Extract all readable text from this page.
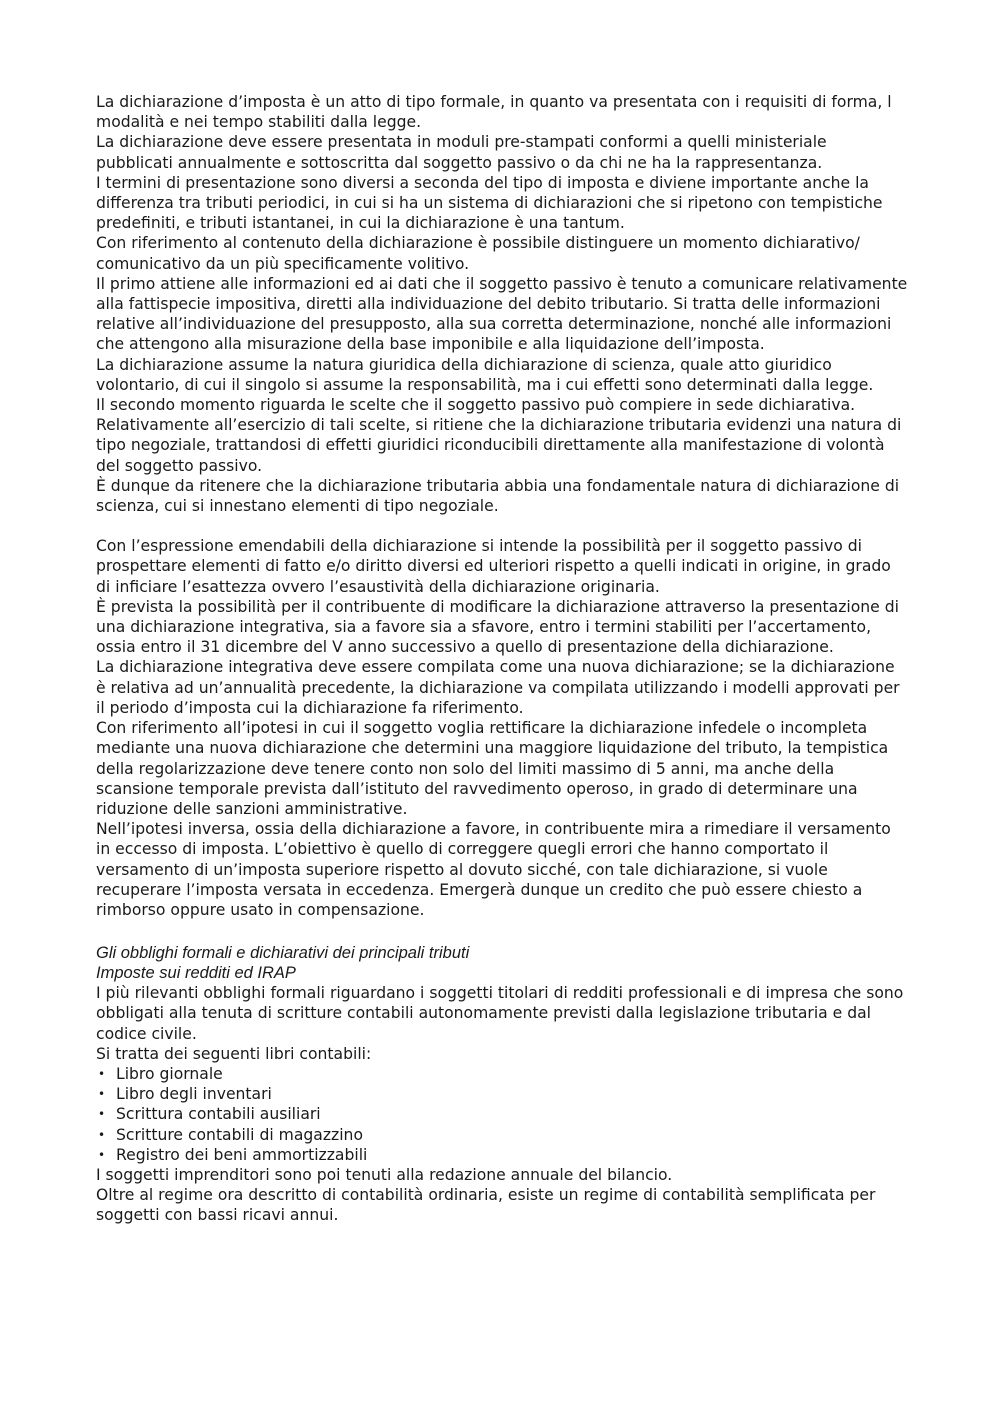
La dichiarazione d’imposta è un atto di tipo formale, in quanto va presentata con i requisiti di forma, l modalità e nei tempo stabiliti dalla legge.

La dichiarazione deve essere presentata in moduli pre-stampati conformi a quelli ministeriale pubblicati annualmente e sottoscritta dal soggetto passivo o da chi ne ha la rappresentanza.

I termini di presentazione sono diversi a seconda del tipo di imposta e diviene importante anche la differenza tra tributi periodici, in cui si ha un sistema di dichiarazioni che si ripetono con tempistiche predefiniti, e tributi istantanei, in cui la dichiarazione è una tantum.

Con riferimento al contenuto della dichiarazione è possibile distinguere un momento dichiarativo/ comunicativo da un più specificamente volitivo.

Il primo attiene alle informazioni ed ai dati che il soggetto passivo è tenuto a comunicare relativamente alla fattispecie impositiva, diretti alla individuazione del debito tributario. Si tratta delle informazioni relative all’individuazione del presupposto, alla sua corretta determinazione, nonché alle informazioni che attengono alla misurazione della base imponibile e alla liquidazione dell’imposta.

La dichiarazione assume la natura giuridica della dichiarazione di scienza, quale atto giuridico volontario, di cui il singolo si assume la responsabilità, ma i cui effetti sono determinati dalla legge.

Il secondo momento riguarda le scelte che il soggetto passivo può compiere in sede dichiarativa. Relativamente all’esercizio di tali scelte, si ritiene che la dichiarazione tributaria evidenzi una natura di tipo negoziale, trattandosi di effetti giuridici riconducibili direttamente alla manifestazione di volontà del soggetto passivo.

È dunque da ritenere che la dichiarazione tributaria abbia una fondamentale natura di dichiarazione di scienza, cui si innestano elementi di tipo negoziale.

Con l’espressione emendabili della dichiarazione si intende la possibilità per il soggetto passivo di prospettare elementi di fatto e/o diritto diversi ed ulteriori rispetto a quelli indicati in origine, in grado di inficiare l’esattezza ovvero l’esaustività della dichiarazione originaria.

È prevista la possibilità per il contribuente di modificare la dichiarazione attraverso la presentazione di una dichiarazione integrativa, sia a favore sia a sfavore, entro i termini stabiliti per l’accertamento, ossia entro il 31 dicembre del V anno successivo a quello di presentazione della dichiarazione.

La dichiarazione integrativa deve essere compilata come una nuova dichiarazione; se la dichiarazione è relativa ad un’annualità precedente, la dichiarazione va compilata utilizzando i modelli approvati per il periodo d’imposta cui la dichiarazione fa riferimento.

Con riferimento all’ipotesi in cui il soggetto voglia rettificare la dichiarazione infedele o incompleta mediante una nuova dichiarazione che determini una maggiore liquidazione del tributo, la tempistica della regolarizzazione deve tenere conto non solo del limiti massimo di 5 anni, ma anche della scansione temporale prevista dall’istituto del ravvedimento operoso, in grado di determinare una riduzione delle sanzioni amministrative.

Nell’ipotesi inversa, ossia della dichiarazione a favore, in contribuente mira a rimediare il versamento in eccesso di imposta. L’obiettivo è quello di correggere quegli errori che hanno comportato il versamento di un’imposta superiore rispetto al dovuto sicché, con tale dichiarazione, si vuole recuperare l’imposta versata in eccedenza. Emergerà dunque un credito che può essere chiesto a rimborso oppure usato in compensazione.

Gli obblighi formali e dichiarativi dei principali tributi

Imposte sui redditi ed IRAP

I più rilevanti obblighi formali riguardano i soggetti titolari di redditi professionali e di impresa che sono obbligati alla tenuta di scritture contabili autonomamente previsti dalla legislazione tributaria e dal codice civile.

Si tratta dei seguenti libri contabili:

• Libro giornale
• Libro degli inventari
• Scrittura contabili ausiliari
• Scritture contabili di magazzino
• Registro dei beni ammortizzabili

I soggetti imprenditori sono poi tenuti alla redazione annuale del bilancio.

Oltre al regime ora descritto di contabilità ordinaria, esiste un regime di contabilità semplificata per soggetti con bassi ricavi annui.
